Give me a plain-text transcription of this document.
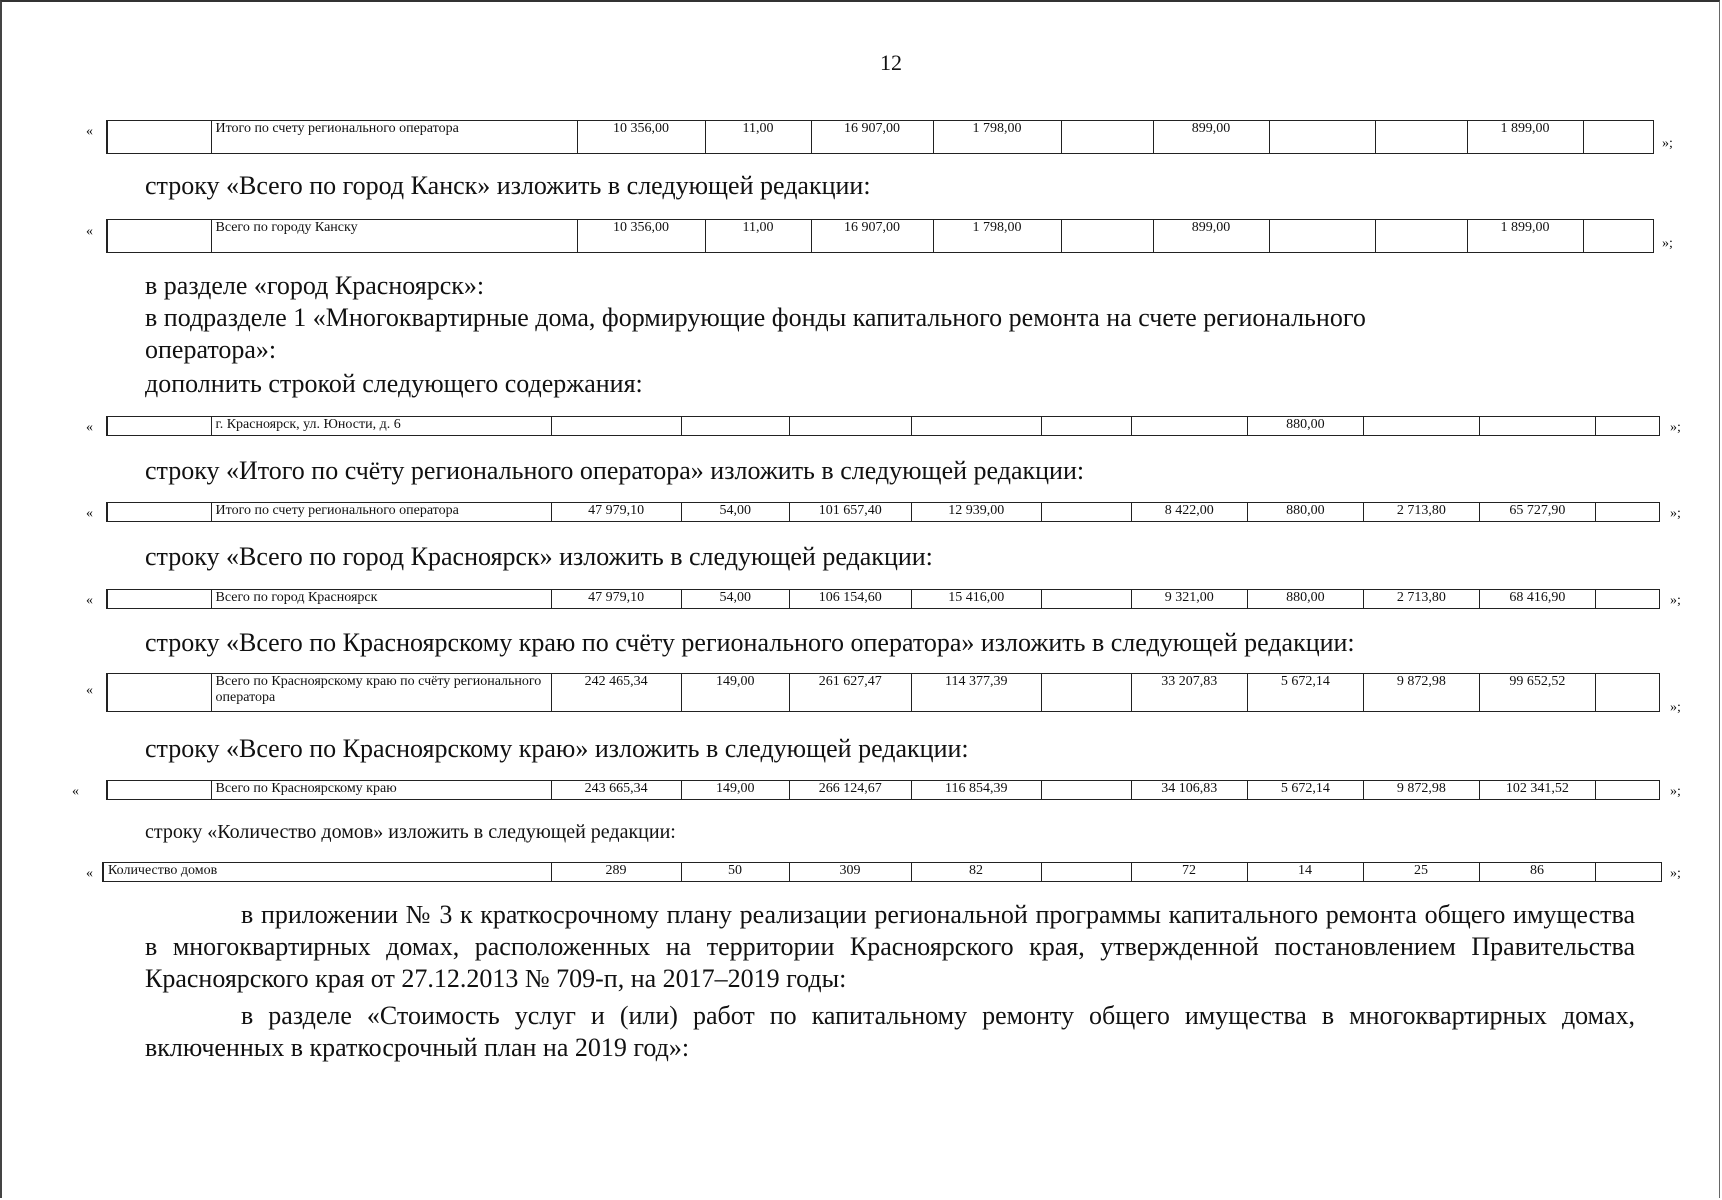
12
«
		Итого по счету регионального оператора	10 356,00	11,00	16 907,00	1 798,00		899,00			1 899,00	
»;
строку «Всего по город Канск» изложить в следующей редакции:
«
		Всего по городу Канску	10 356,00	11,00	16 907,00	1 798,00		899,00			1 899,00	
»;
в разделе «город Красноярск»:
в подразделе 1 «Многоквартирные дома, формирующие фонды капитального ремонта на счете регионального
оператора»:
дополнить строкой следующего содержания:
«
		г. Красноярск, ул. Юности, д. 6							880,00				»;
строку «Итого по счёту регионального оператора» изложить в следующей редакции:
«
		Итого по счету регионального оператора	47 979,10	54,00	101 657,40	12 939,00		8 422,00	880,00	2 713,80	65 727,90		»;
строку «Всего по город Красноярск» изложить в следующей редакции:
«
		Всего по город Красноярск	47 979,10	54,00	106 154,60	15 416,00		9 321,00	880,00	2 713,80	68 416,90		»;
строку «Всего по Красноярскому краю по счёту регионального оператора» изложить в следующей редакции:
«
	Всего по Красноярскому краю по счёту регионального оператора	242 465,34	149,00	261 627,47	114 377,39		33 207,83	5 672,14	9 872,98	99 652,52	
»;
строку «Всего по Красноярскому краю» изложить в следующей редакции:
«
		Всего по Красноярскому краю	243 665,34	149,00	266 124,67	116 854,39		34 106,83	5 672,14	9 872,98	102 341,52		»;
строку «Количество домов» изложить в следующей редакции:
« Количество домов	289	50	309	82		72	14	25	86		»;
в приложении № 3 к краткосрочному плану реализации региональной программы капитального ремонта общего имущества в многоквартирных домах, расположенных на территории Красноярского края, утвержденной постановлением Правительства Красноярского края от 27.12.2013 № 709-п, на 2017–2019 годы:
в разделе «Стоимость услуг и (или) работ по капитальному ремонту общего имущества в многоквартирных домах, включенных в краткосрочный план на 2019 год»:
